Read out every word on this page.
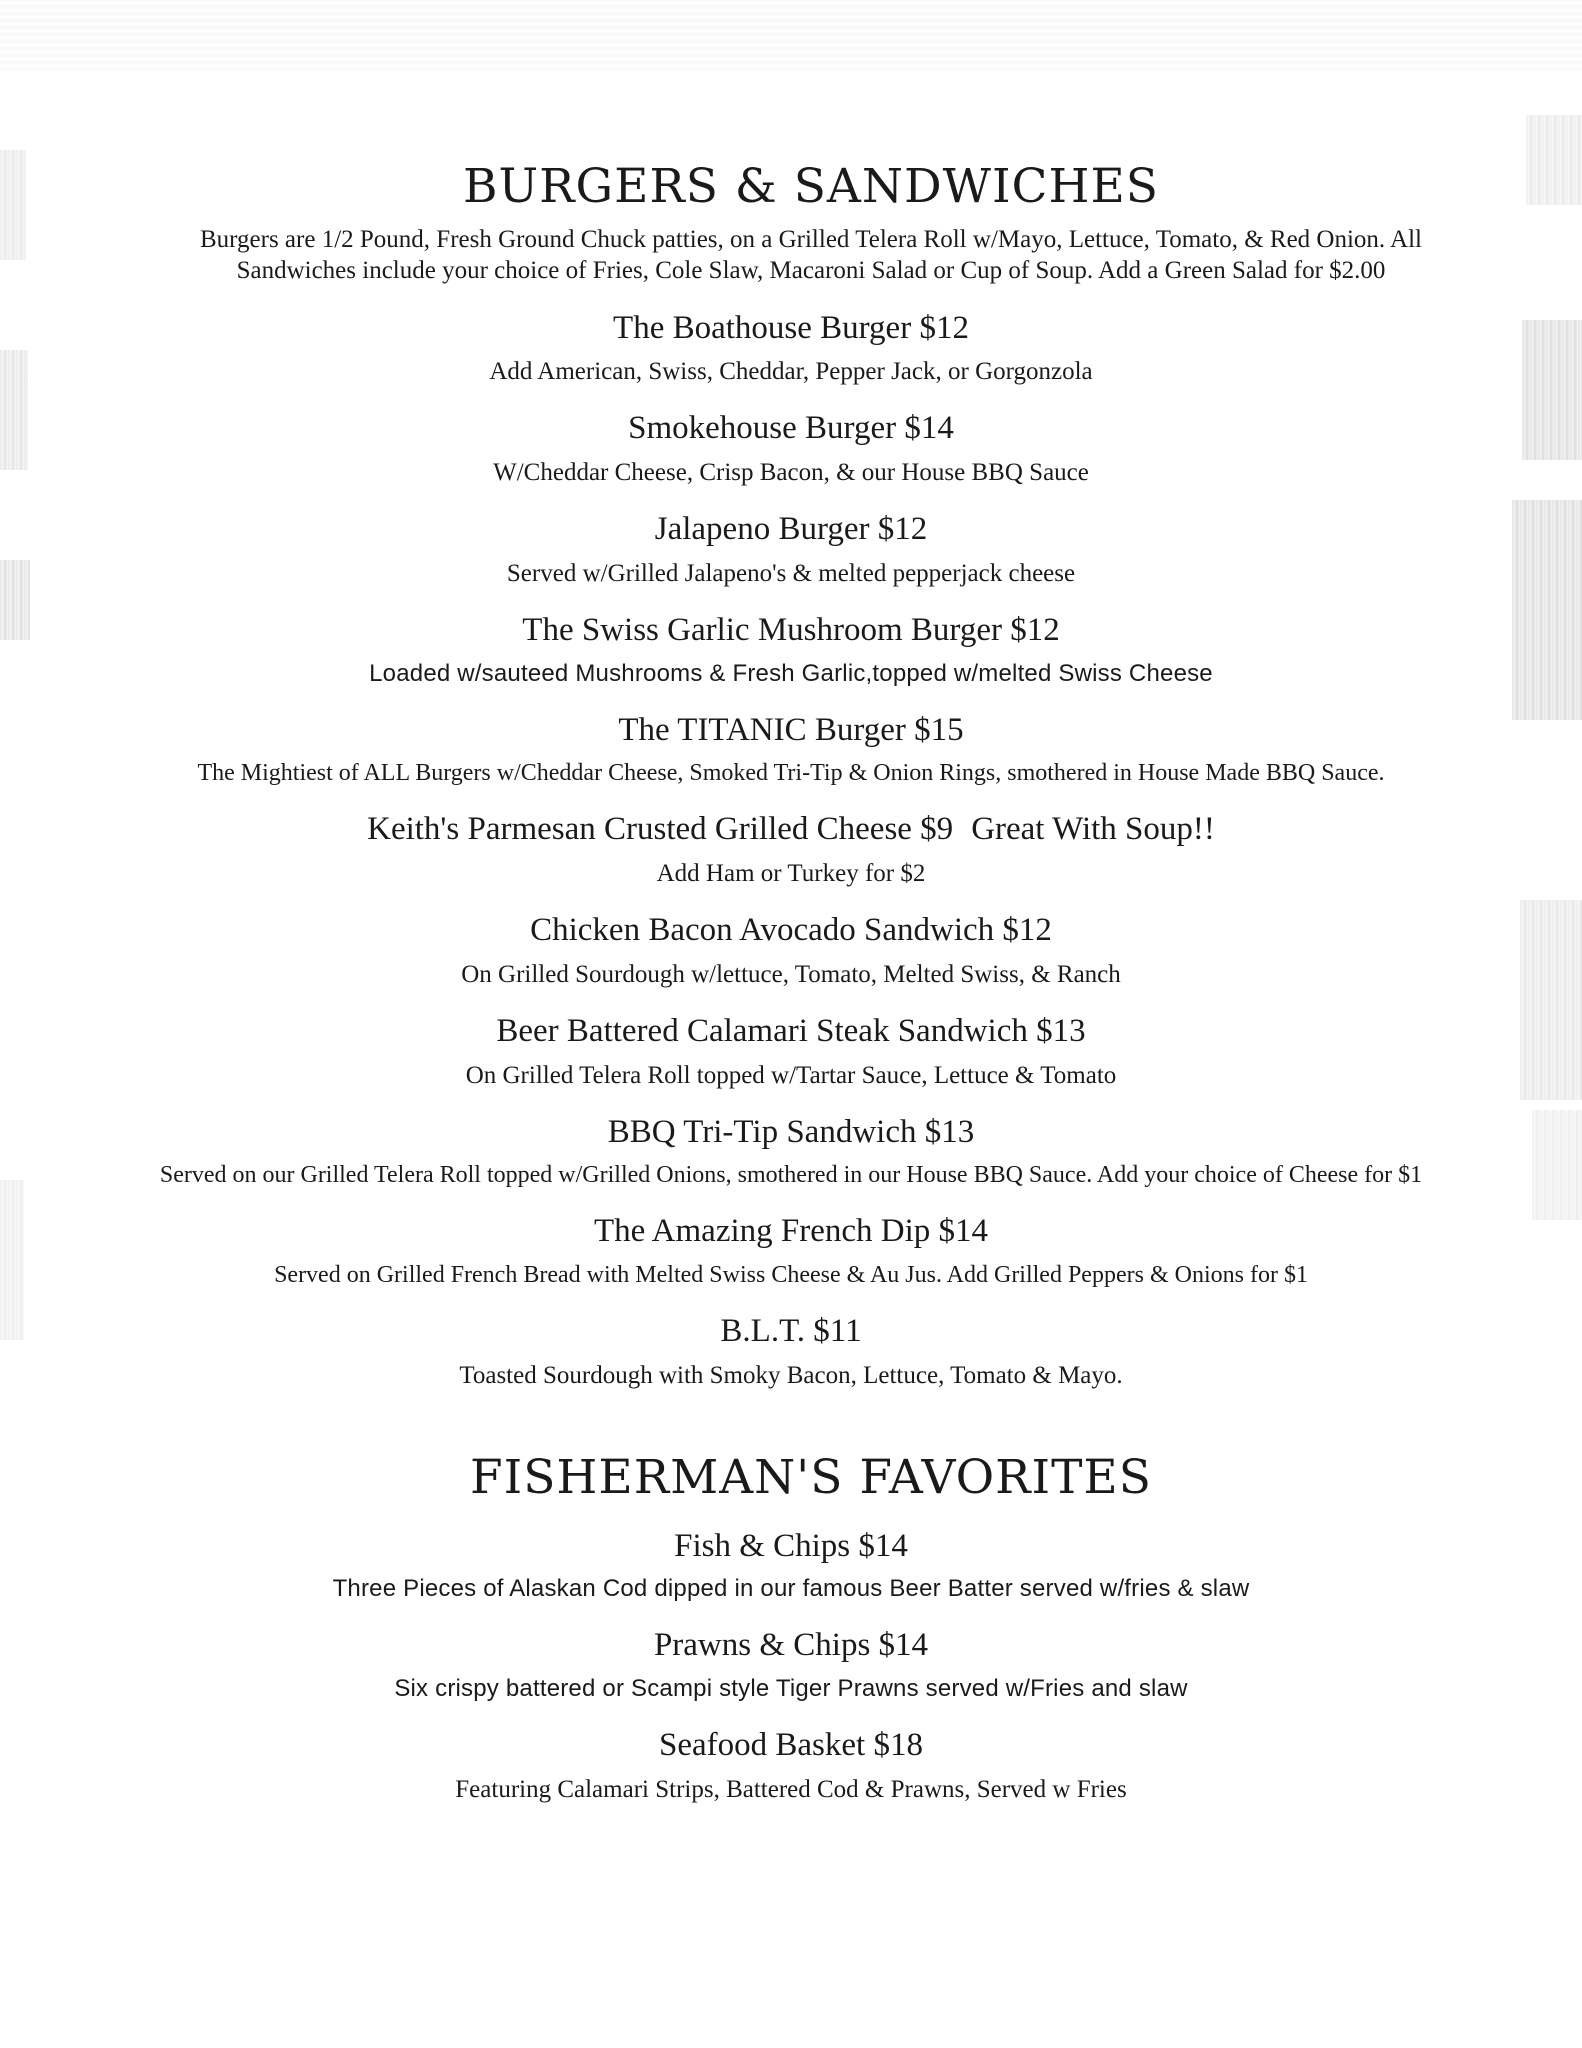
BURGERS & SANDWICHES
Burgers are 1/2 Pound, Fresh Ground Chuck patties, on a Grilled Telera Roll w/Mayo, Lettuce, Tomato, & Red Onion. All
Sandwiches include your choice of Fries, Cole Slaw, Macaroni Salad or Cup of Soup. Add a Green Salad for $2.00

The Boathouse Burger $12

Add American, Swiss, Cheddar, Pepper Jack, or Gorgonzola

Smokehouse Burger $14

W/Cheddar Cheese, Crisp Bacon, & our House BBQ Sauce

Jalapeno Burger $12

Served w/Grilled Jalapeno's & melted pepperjack cheese

The Swiss Garlic Mushroom Burger $12

Loaded w/sauteed Mushrooms & Fresh Garlic,topped w/melted Swiss Cheese

The TITANIC Burger $15

The Mightiest of ALL Burgers w/Cheddar Cheese, Smoked Tri-Tip & Onion Rings, smothered in House Made BBQ Sauce.

Keith's Parmesan Crusted Grilled Cheese $9 Great With Soup!!

Add Ham or Turkey for $2

Chicken Bacon Avocado Sandwich $12

On Grilled Sourdough w/lettuce, Tomato, Melted Swiss, & Ranch

Beer Battered Calamari Steak Sandwich $13

On Grilled Telera Roll topped w/Tartar Sauce, Lettuce & Tomato

BBQ Tri-Tip Sandwich $13

Served on our Grilled Telera Roll topped w/Grilled Onions, smothered in our House BBQ Sauce. Add your choice of Cheese for $1

The Amazing French Dip $14

Served on Grilled French Bread with Melted Swiss Cheese & Au Jus. Add Grilled Peppers & Onions for $1

B.L.T. $11

Toasted Sourdough with Smoky Bacon, Lettuce, Tomato & Mayo.

FISHERMAN'S FAVORITES

Fish & Chips $14

Three Pieces of Alaskan Cod dipped in our famous Beer Batter served w/fries & slaw

Prawns & Chips $14

Six crispy battered or Scampi style Tiger Prawns served w/Fries and slaw

Seafood Basket $18

Featuring Calamari Strips, Battered Cod & Prawns, Served w Fries
